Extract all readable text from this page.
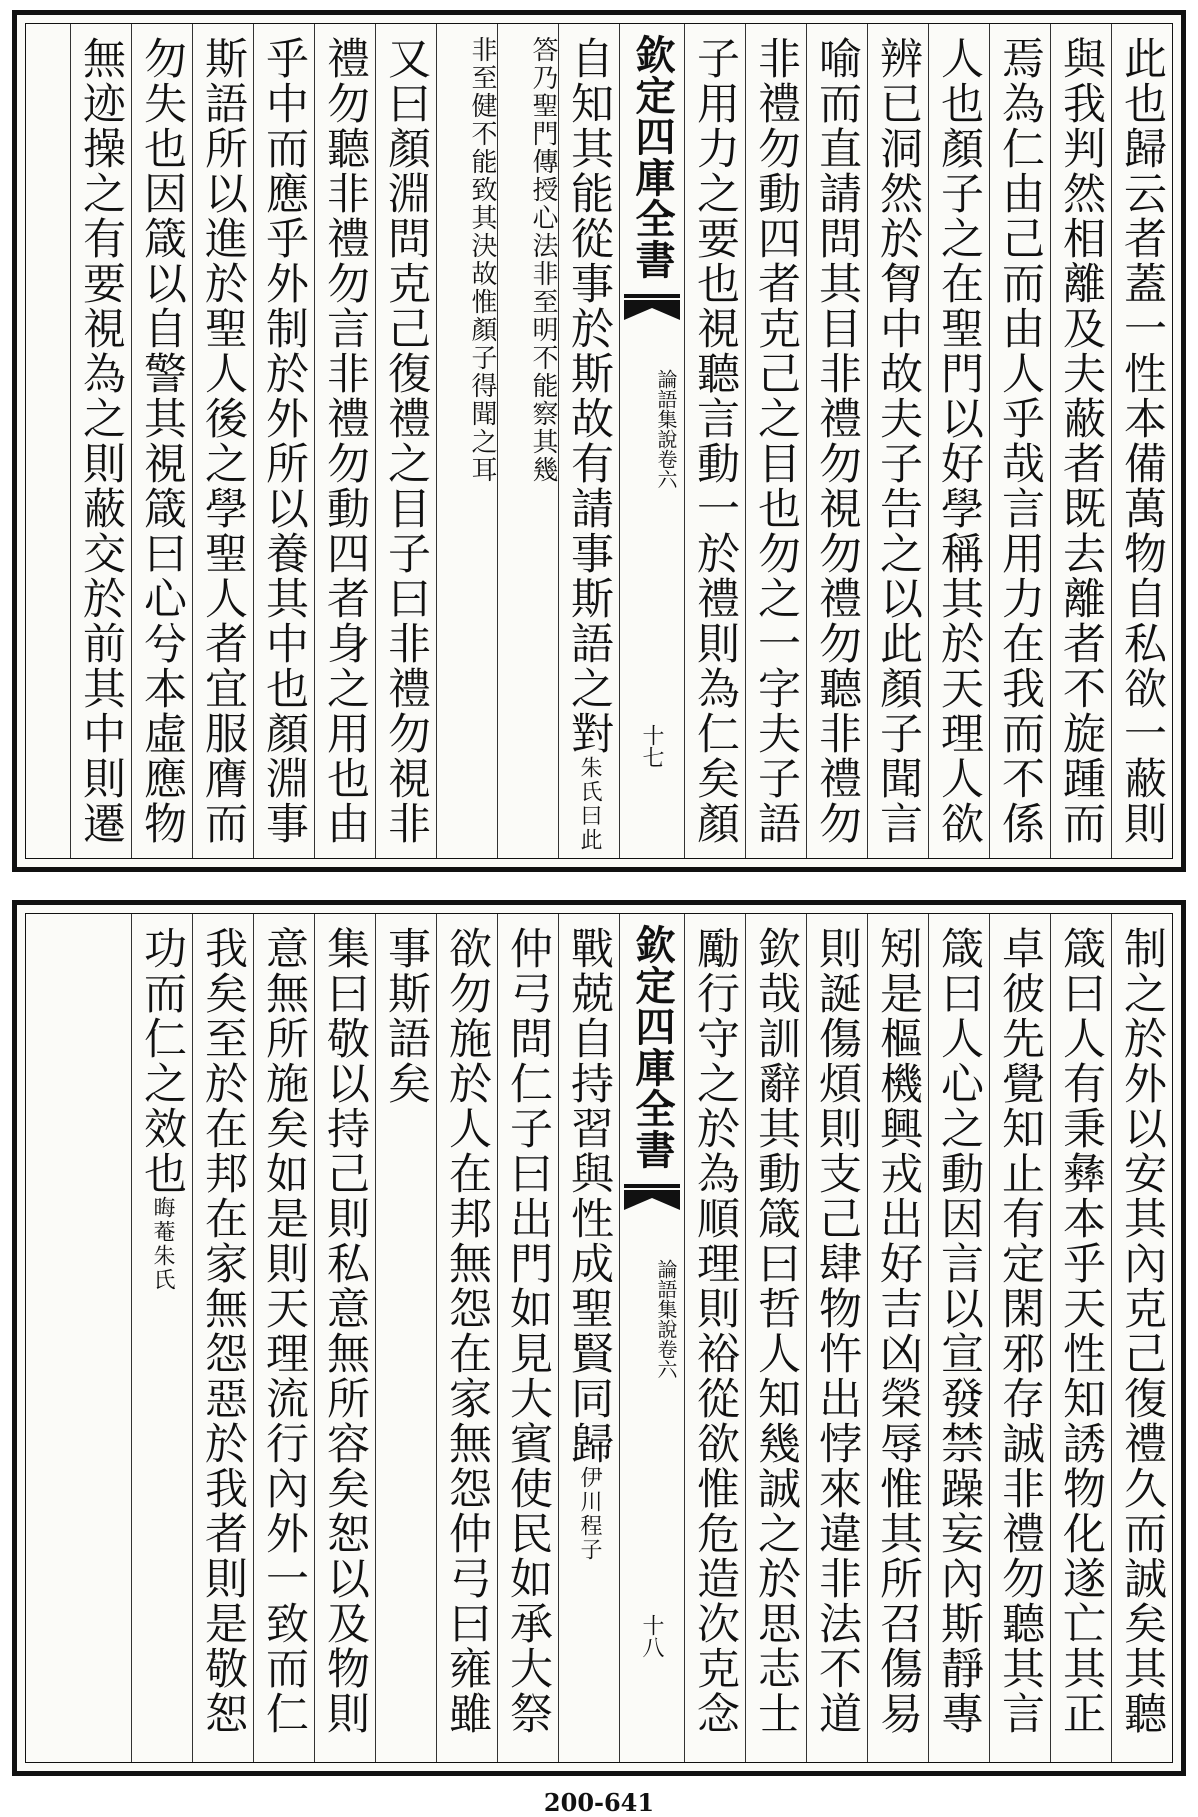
此也歸云者蓋一性本備萬物自私欲一蔽則
與我判然相離及夫蔽者既去離者不旋踵而
焉為仁由己而由人乎哉言用力在我而不係
人也顏子之在聖門以好學稱其於天理人欲
辨已洞然於胷中故夫子告之以此顏子聞言
喻而直請問其目非禮勿視勿禮勿聽非禮勿
非禮勿動四者克己之目也勿之一字夫子語
子用力之要也視聽言動一於禮則為仁矣顏
欽定四庫全書
論語集說卷六
十七
自知其能從事於斯故有請事斯語之對朱氏曰此
答乃聖門傳授心法非至明不能察其幾
非至健不能致其決故惟顏子得聞之耳
又曰顏淵問克己復禮之目子曰非禮勿視非
禮勿聽非禮勿言非禮勿動四者身之用也由
乎中而應乎外制於外所以養其中也顏淵事
斯語所以進於聖人後之學聖人者宜服膺而
勿失也因箴以自警其視箴曰心兮本虛應物
無迹操之有要視為之則蔽交於前其中則遷
制之於外以安其內克己復禮久而誠矣其聽
箴曰人有秉彝本乎天性知誘物化遂亡其正
卓彼先覺知止有定閑邪存誠非禮勿聽其言
箴曰人心之動因言以宣發禁躁妄內斯靜專
矧是樞機興戎出好吉凶榮辱惟其所召傷易
則誕傷煩則支己肆物忤出悖來違非法不道
欽哉訓辭其動箴曰哲人知幾誠之於思志士
勵行守之於為順理則裕從欲惟危造次克念
欽定四庫全書
論語集說卷六
十八
戰兢自持習與性成聖賢同歸伊川程子
仲弓問仁子曰出門如見大賓使民如承大祭
欲勿施於人在邦無怨在家無怨仲弓曰雍雖
事斯語矣
集曰敬以持己則私意無所容矣恕以及物則
意無所施矣如是則天理流行內外一致而仁
我矣至於在邦在家無怨惡於我者則是敬恕
功而仁之效也晦菴朱氏
200-641
